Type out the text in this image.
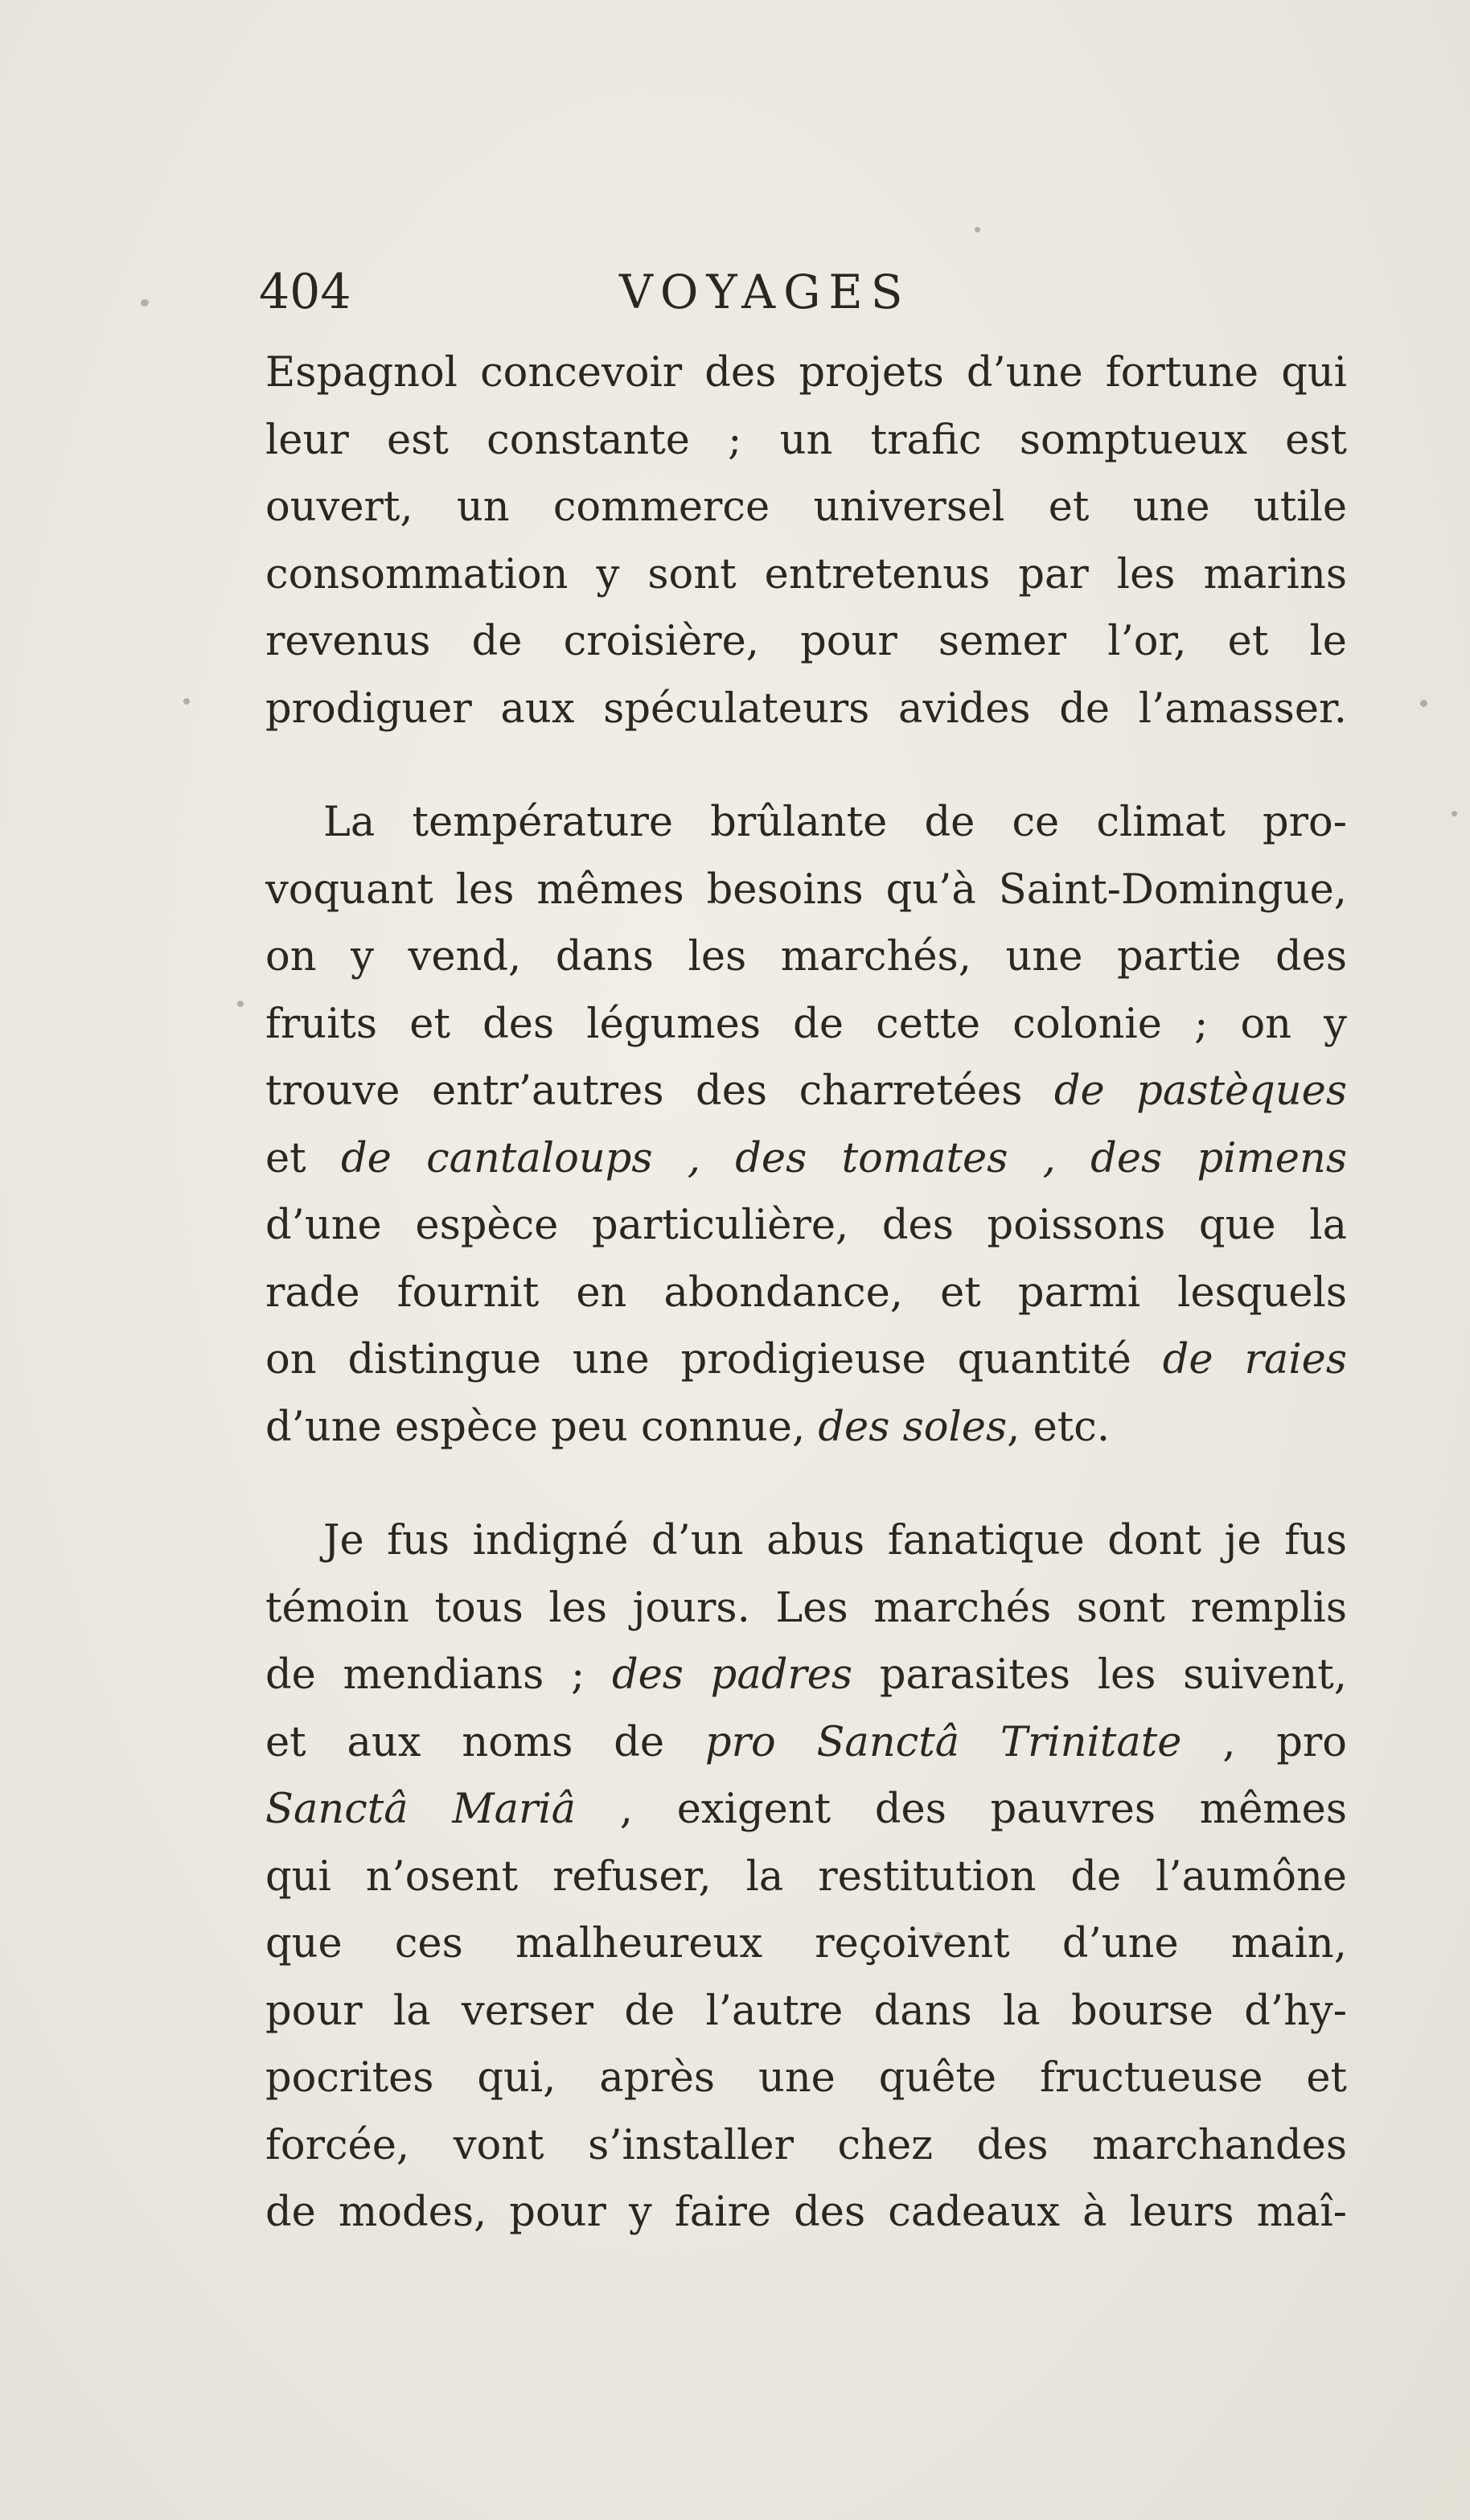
404	VOYAGES
Espagnol concevoir des projets d’une fortune qui
leur est constante ; un trafic somptueux est
ouvert, un commerce universel et une utile
consommation y sont entretenus par les marins
revenus de croisière, pour semer l’or, et le
prodiguer aux spéculateurs avides de l’amasser.
La température brûlante de ce climat pro-
voquant les mêmes besoins qu’à Saint-Domingue,
on y vend, dans les marchés, une partie des
fruits et des légumes de cette colonie ; on y
trouve entr’autres des charretées de pastèques
et de cantaloups , des tomates , des pimens
d’une espèce particulière, des poissons que la
rade fournit en abondance, et parmi lesquels
on distingue une prodigieuse quantité de raies
d’une espèce peu connue, des soles, etc.
Je fus indigné d’un abus fanatique dont je fus
témoin tous les jours. Les marchés sont remplis
de mendians ; des padres parasites les suivent,
et aux noms de pro Sanctâ Trinitate , pro
Sanctâ Mariâ , exigent des pauvres mêmes
qui n’osent refuser, la restitution de l’aumône
que ces malheureux reçoivent d’une main,
pour la verser de l’autre dans la bourse d’hy-
pocrites qui, après une quête fructueuse et
forcée, vont s’installer chez des marchandes
de modes, pour y faire des cadeaux à leurs maî-
